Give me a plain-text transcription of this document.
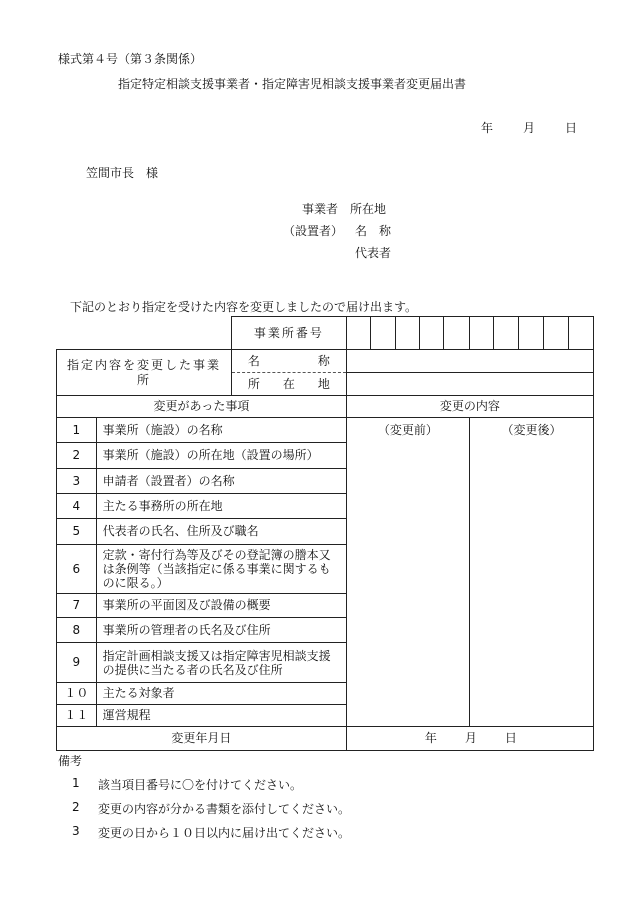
様式第４号（第３条関係）
指定特定相談支援事業者・指定障害児相談支援事業者変更届出書
年 月 日
笠間市長　様
事業者 所在地
（設置者） 名　称
代表者
下記のとおり指定を受けた内容を変更しましたので届け出ます。
		事業所番号										
指定内容を変更した事業所		名 称										

		所 在 地										

変更があった事項			変更の内容									
1	事業所（施設）の名称		（変更前）					（変更後）				
2	事業所（施設）の所在地（設置の場所）											
3	申請者（設置者）の名称											
4	主たる事務所の所在地											
5	代表者の氏名、住所及び職名											
6	定款・寄付行為等及びその登記簿の謄本又は条例等（当該指定に係る事業に関するものに限る。）											
7	事業所の平面図及び設備の概要											
8	事業所の管理者の氏名及び住所											
9	指定計画相談支援又は指定障害児相談支援の提供に当たる者の氏名及び住所											
１０	主たる対象者											
１１	運営規程											
変更年月日			年 月 日									
備考
1 該当項目番号に〇を付けてください。
2 変更の内容が分かる書類を添付してください。
3 変更の日から１０日以内に届け出てください。
